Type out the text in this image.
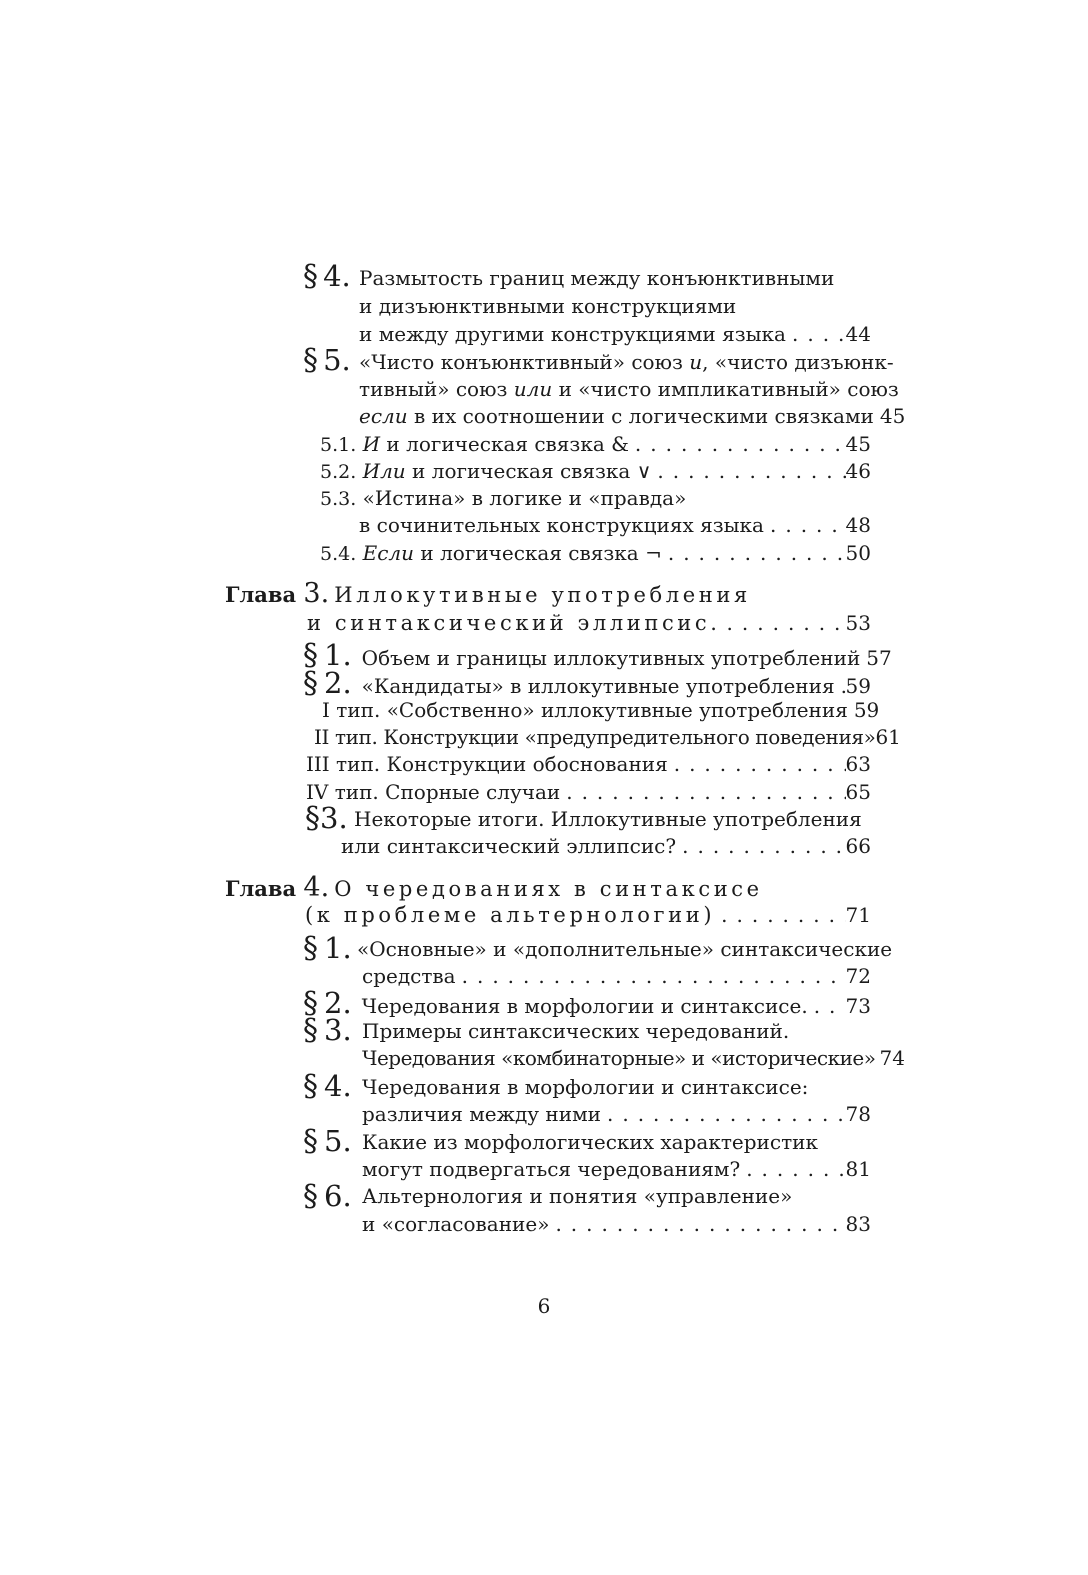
§ 4. Размытость границ между конъюнктивными
и дизъюнктивными конструкциями
и между другими конструкциями языка .....	44
§ 5. «Чисто конъюнктивный» союз и, «чисто дизъюнк-
тивный» союз или и «чисто импликативный» союз
если в их соотношении с логическими связками ..... 45
5.1. И и логическая связка & .....	45
5.2. Или и логическая связка ∨ .....	46
5.3. «Истина» в логике и «правда»
в сочинительных конструкциях языка .....	48
5.4. Если и логическая связка ¬ .....	50
Глава 3. Иллокутивные употребления
и синтаксический эллипсис. .....	53
§ 1. Объем и границы иллокутивных употреблений ..... 57
§ 2. «Кандидаты» в иллокутивные употребления ..... 59
I тип. «Собственно» иллокутивные употребления ..... 59
II тип. Конструкции «предупредительного поведения» 61
III тип. Конструкции обоснования .....	63
IV тип. Спорные случаи .....	65
§3. Некоторые итоги. Иллокутивные употребления
или синтаксический эллипсис? .....	66
Глава 4. О чередованиях в синтаксисе
(к проблеме альтернологии) .....	71
§ 1. «Основные» и «дополнительные» синтаксические
средства .....	72
§ 2. Чередования в морфологии и синтаксисе. ..... 73
§ 3. Примеры синтаксических чередований.
Чередования «комбинаторные» и «исторические» 74
§ 4. Чередования в морфологии и синтаксисе:
различия между ними .....	78
§ 5. Какие из морфологических характеристик
могут подвергаться чередованиям? .....	81
§ 6. Альтернология и понятия «управление»
и «согласование» .....	83
6
